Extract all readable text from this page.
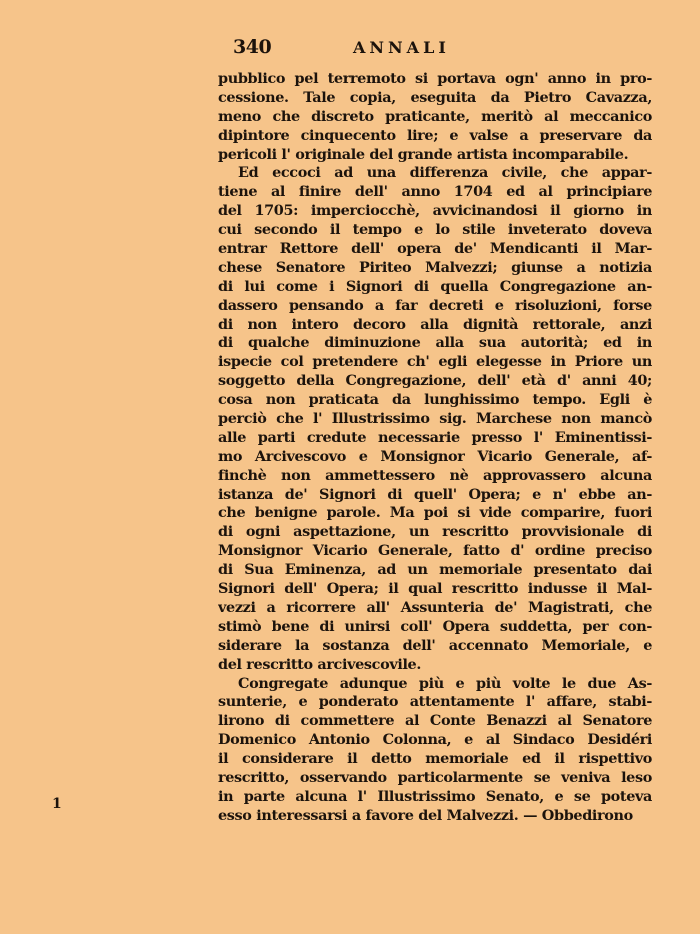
340	ANNALI
pubblico pel terremoto si portava ogn' anno in pro-
cessione. Tale copia, eseguita da Pietro Cavazza,
meno che discreto praticante, meritò al meccanico
dipintore cinquecento lire; e valse a preservare da
pericoli l' originale del grande artista incomparabile.
Ed eccoci ad una differenza civile, che appar-
tiene al finire dell' anno 1704 ed al principiare
del 1705: imperciocchè, avvicinandosi il giorno in
cui secondo il tempo e lo stile inveterato doveva
entrar Rettore dell' opera de' Mendicanti il Mar-
chese Senatore Piriteo Malvezzi; giunse a notizia
di lui come i Signori di quella Congregazione an-
dassero pensando a far decreti e risoluzioni, forse
di non intero decoro alla dignità rettorale, anzi
di qualche diminuzione alla sua autorità; ed in
ispecie col pretendere ch' egli elegesse in Priore un
soggetto della Congregazione, dell' età d' anni 40;
cosa non praticata da lunghissimo tempo. Egli è
perciò che l' Illustrissimo sig. Marchese non mancò
alle parti credute necessarie presso l' Eminentissi-
mo Arcivescovo e Monsignor Vicario Generale, af-
finchè non ammettessero nè approvassero alcuna
istanza de' Signori di quell' Opera; e n' ebbe an-
che benigne parole. Ma poi si vide comparire, fuori
di ogni aspettazione, un rescritto provvisionale di
Monsignor Vicario Generale, fatto d' ordine preciso
di Sua Eminenza, ad un memoriale presentato dai
Signori dell' Opera; il qual rescritto indusse il Mal-
vezzi a ricorrere all' Assunteria de' Magistrati, che
stimò bene di unirsi coll' Opera suddetta, per con-
siderare la sostanza dell' accennato Memoriale, e
del rescritto arcivescovile.
Congregate adunque più e più volte le due As-
sunterie, e ponderato attentamente l' affare, stabi-
lirono di commettere al Conte Benazzi al Senatore
Domenico Antonio Colonna, e al Sindaco Desidéri
il considerare il detto memoriale ed il rispettivo
rescritto, osservando particolarmente se veniva leso
in parte alcuna l' Illustrissimo Senato, e se poteva
esso interessarsi a favore del Malvezzi. — Obbedirono
1
